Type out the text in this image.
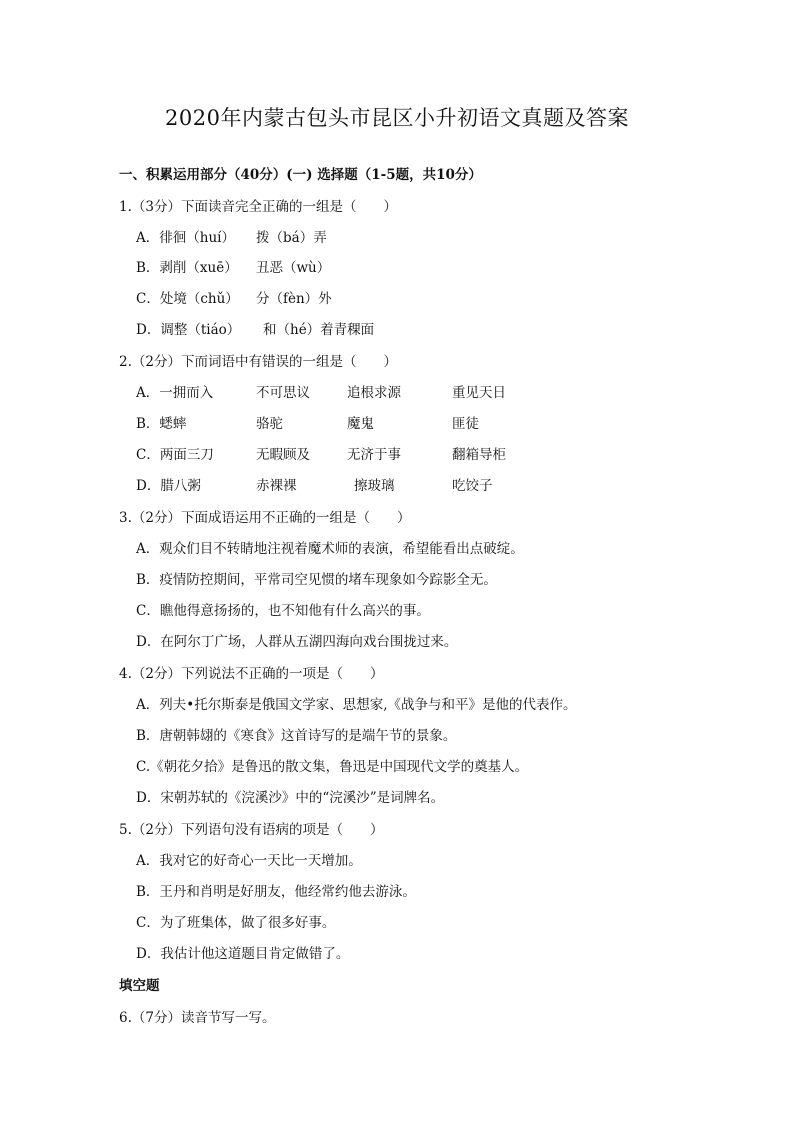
2020年内蒙古包头市昆区小升初语文真题及答案
一、积累运用部分（40分）(一) 选择题（1-5题，共10分）
1.（3分）下面读音完全正确的一组是（　　）
A．徘徊（huí） 拨（bá）弄
B．剥削（xuē） 丑恶（wù）
C．处境（chǔ） 分（fèn）外
D．调整（tiáo） 和（hé）着青稞面
2.（2分）下而词语中有错误的一组是（　　）
A．一拥而入	不可思议	追根求源	重见天日
B．蟋蟀	骆驼	魔鬼	匪徒
C．两面三刀	无暇顾及	无济于事	翻箱导柜
D．腊八粥	赤裸裸	擦玻璃	吃饺子
3.（2分）下面成语运用不正确的一组是（　　）
A．观众们目不转睛地注视着魔术师的表演，希望能看出点破绽。
B．疫情防控期间，平常司空见惯的堵车现象如今踪影全无。
C．瞧他得意扬扬的，也不知他有什么高兴的事。
D．在阿尔丁广场，人群从五湖四海向戏台围拢过来。
4.（2分）下列说法不正确的一项是（　　）
A．列夫•托尔斯泰是俄国文学家、思想家,《战争与和平》是他的代表作。
B．唐朝韩翃的《寒食》这首诗写的是端午节的景象。
C.《朝花夕拾》是鲁迅的散文集，鲁迅是中国现代文学的奠基人。
D．宋朝苏轼的《浣溪沙》中的“浣溪沙”是词牌名。
5.（2分）下列语句没有语病的项是（　　）
A．我对它的好奇心一天比一天增加。
B．王丹和肖明是好朋友，他经常约他去游泳。
C．为了班集体，做了很多好事。
D．我估计他这道题目肯定做错了。
填空题
6.（7分）读音节写一写。
